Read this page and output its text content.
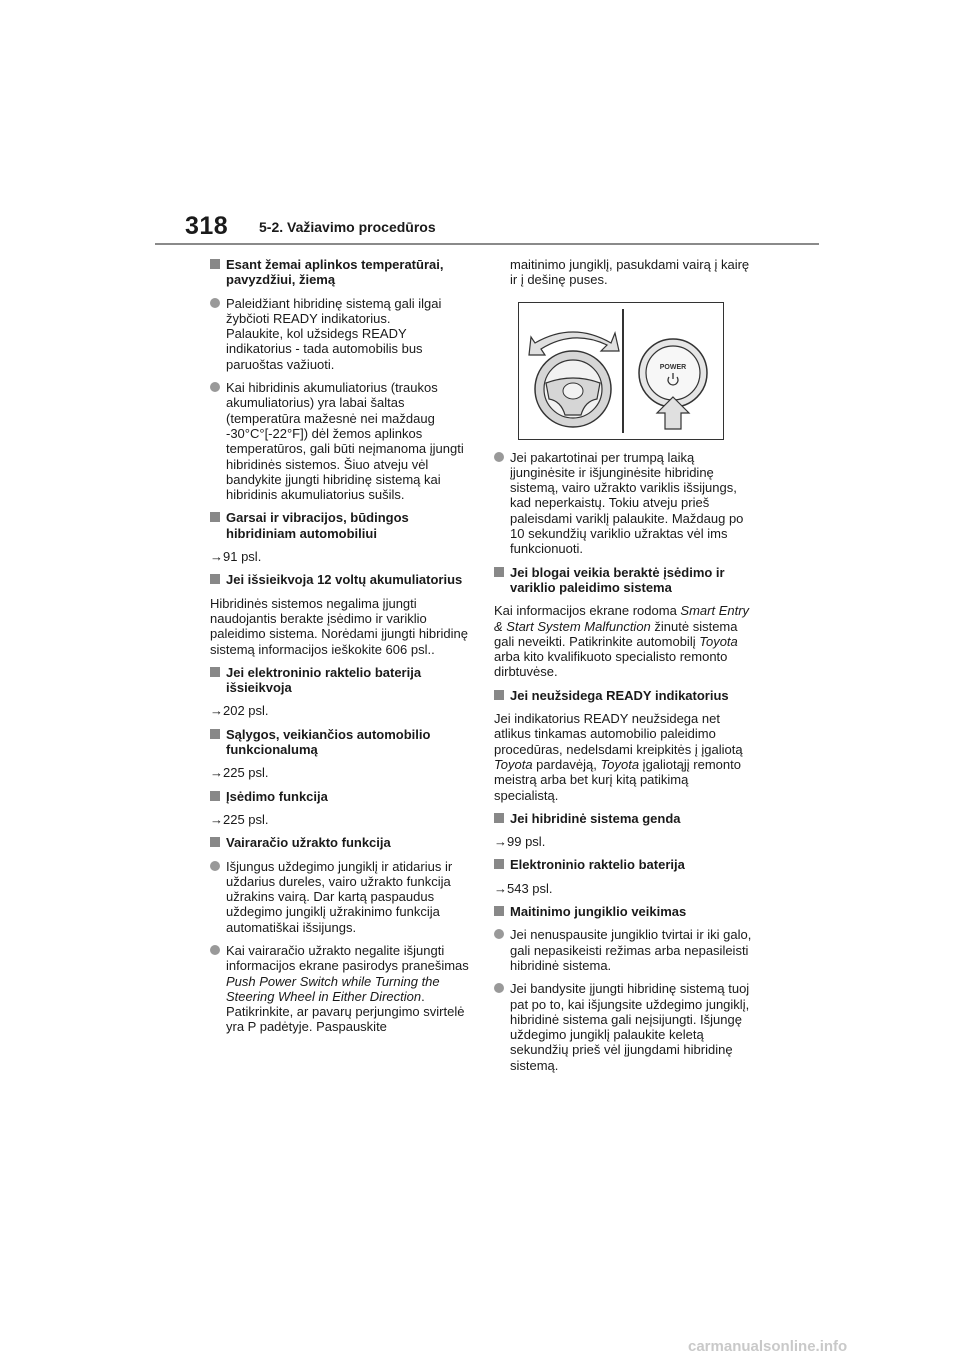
318 5-2. Važiavimo procedūros
Esant žemai aplinkos temperatūrai, pavyzdžiui, žiemą
Paleidžiant hibridinę sistemą gali ilgai žybčioti READY indikatorius.
Palaukite, kol užsidegs READY indikatorius - tada automobilis bus paruoštas važiuoti.
Kai hibridinis akumuliatorius (traukos akumuliatorius) yra labai šaltas (temperatūra mažesnė nei maždaug -30°C°[-22°F]) dėl žemos aplinkos temperatūros, gali būti neįmanoma įjungti hibridinės sistemos. Šiuo atveju vėl bandykite įjungti hibridinę sistemą kai hibridinis akumuliatorius sušils.
Garsai ir vibracijos, būdingos hibridiniam automobiliui
→91 psl.
Jei išsieikvoja 12 voltų akumuliatorius
Hibridinės sistemos negalima įjungti naudojantis berakte įsėdimo ir variklio paleidimo sistema. Norėdami įjungti hibridinę sistemą informacijos ieškokite 606 psl..
Jei elektroninio raktelio baterija išsieikvoja
→202 psl.
Sąlygos, veikiančios automobilio funkcionalumą
→225 psl.
Įsėdimo funkcija
→225 psl.
Vairaračio užrakto funkcija
Išjungus uždegimo jungiklį ir atidarius ir uždarius dureles, vairo užrakto funkcija užrakins vairą. Dar kartą paspaudus uždegimo jungiklį užrakinimo funkcija automatiškai išsijungs.
Kai vairaračio užrakto negalite išjungti informacijos ekrane pasirodys pranešimas Push Power Switch while Turning the Steering Wheel in Either Direction.
Patikrinkite, ar pavarų perjungimo svirtelė yra P padėtyje. Paspauskite
maitinimo jungiklį, pasukdami vairą į kairę ir į dešinę puses.
POWER
Jei pakartotinai per trumpą laiką įjunginėsite ir išjunginėsite hibridinę sistemą, vairo užrakto variklis išsijungs, kad neperkaistų. Tokiu atveju prieš paleisdami variklį palaukite. Maždaug po 10 sekundžių variklio užraktas vėl ims funkcionuoti.
Jei blogai veikia beraktė įsėdimo ir variklio paleidimo sistema
Kai informacijos ekrane rodoma Smart Entry & Start System Malfunction žinutė sistema gali neveikti. Patikrinkite automobilį Toyota arba kito kvalifikuoto specialisto remonto dirbtuvėse.
Jei neužsidega READY indikatorius
Jei indikatorius READY neužsidega net atlikus tinkamas automobilio paleidimo procedūras, nedelsdami kreipkitės į įgaliotą Toyota pardavėją, Toyota įgaliotąjį remonto meistrą arba bet kurį kitą patikimą specialistą.
Jei hibridinė sistema genda
→99 psl.
Elektroninio raktelio baterija
→543 psl.
Maitinimo jungiklio veikimas
Jei nenuspausite jungiklio tvirtai ir iki galo, gali nepasikeisti režimas arba nepasileisti hibridinė sistema.
Jei bandysite įjungti hibridinę sistemą tuoj pat po to, kai išjungsite uždegimo jungiklį, hibridinė sistema gali neįsijungti. Išjungę uždegimo jungiklį palaukite keletą sekundžių prieš vėl įjungdami hibridinę sistemą.
carmanualsonline.info
